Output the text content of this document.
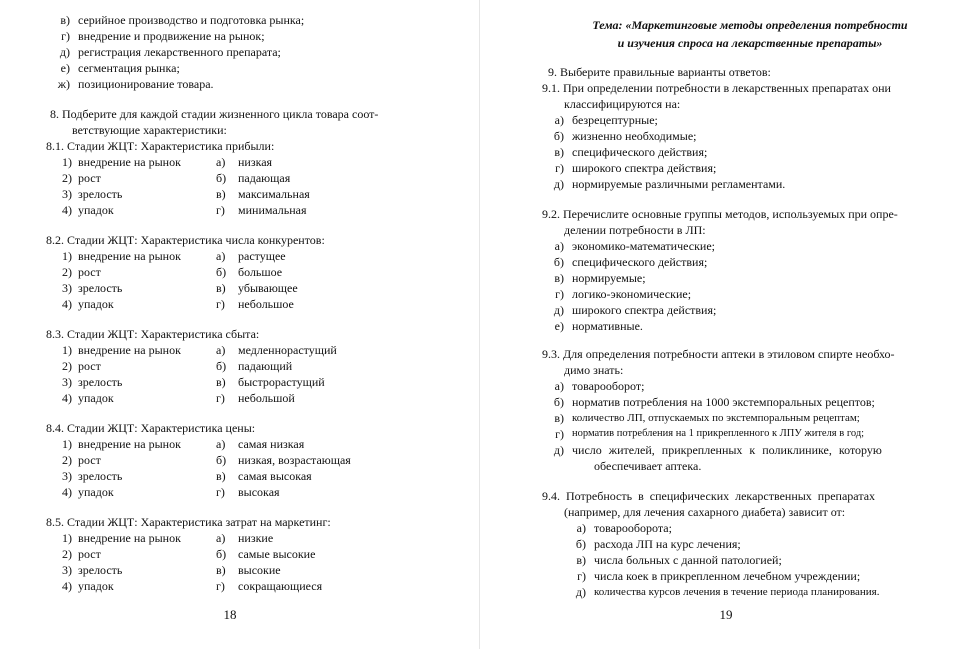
в) серийное производство и подготовка рынка;
г) внедрение и продвижение на рынок;
д) регистрация лекарственного препарата;
е) сегментация рынка;
ж) позиционирование товара.
8. Подберите для каждой стадии жизненного цикла товара соот-
ветствующие характеристики:
8.1. Стадии ЖЦТ: Характеристика прибыли:
1) внедрение на рынок	а)	низкая
2) рост	б) падающая
3) зрелость	в)	максимальная
4) упадок	г)	минимальная
8.2. Стадии ЖЦТ: Характеристика числа конкурентов:
1) внедрение на рынок	а)	растущее
2) рост	б) большое
3) зрелость	в)	убывающее
4) упадок	г)	небольшое
8.3. Стадии ЖЦТ: Характеристика сбыта:
1) внедрение на рынок	а)	медленнорастущий
2) рост	б) падающий
3) зрелость	в)	быстрорастущий
4) упадок	г)	небольшой
8.4. Стадии ЖЦТ: Характеристика цены:
1) внедрение на рынок	а)	самая низкая
2) рост	б) низкая, возрастающая
3) зрелость	в)	самая высокая
4) упадок	г)	высокая
8.5. Стадии ЖЦТ: Характеристика затрат на маркетинг:
1) внедрение на рынок	а)	низкие
2) рост	б) самые высокие
3) зрелость	в)	высокие
4) упадок	г)	сокращающиеся
18
Тема: «Маркетинговые методы определения потребности
и изучения спроса на лекарственные препараты»
9. Выберите правильные варианты ответов:
9.1. При определении потребности в лекарственных препаратах они
классифицируются на:
а) безрецептурные;
б) жизненно необходимые;
в) специфического действия;
г) широкого спектра действия;
д) нормируемые различными регламентами.
9.2. Перечислите основные группы методов, используемых при опре-
делении потребности в ЛП:
а) экономико-математические;
б) специфического действия;
в) нормируемые;
г) логико-экономические;
д) широкого спектра действия;
е) нормативные.
9.3. Для определения потребности аптеки в этиловом спирте необхо-
димо знать:
а) товарооборот;
б) норматив потребления на 1000 экстемпоральных рецептов;
в) количество ЛП, отпускаемых по экстемпоральным рецептам;
г) норматив потребления на 1 прикрепленного к ЛПУ жителя в год;
д) число жителей, прикрепленных к поликлинике, которую
обеспечивает аптека.
9.4. Потребность в специфических лекарственных препаратах
(например, для лечения сахарного диабета) зависит от:
а) товарооборота;
б) расхода ЛП на курс лечения;
в) числа больных с данной патологией;
г) числа коек в прикрепленном лечебном учреждении;
д) количества курсов лечения в течение периода планирования.
19
